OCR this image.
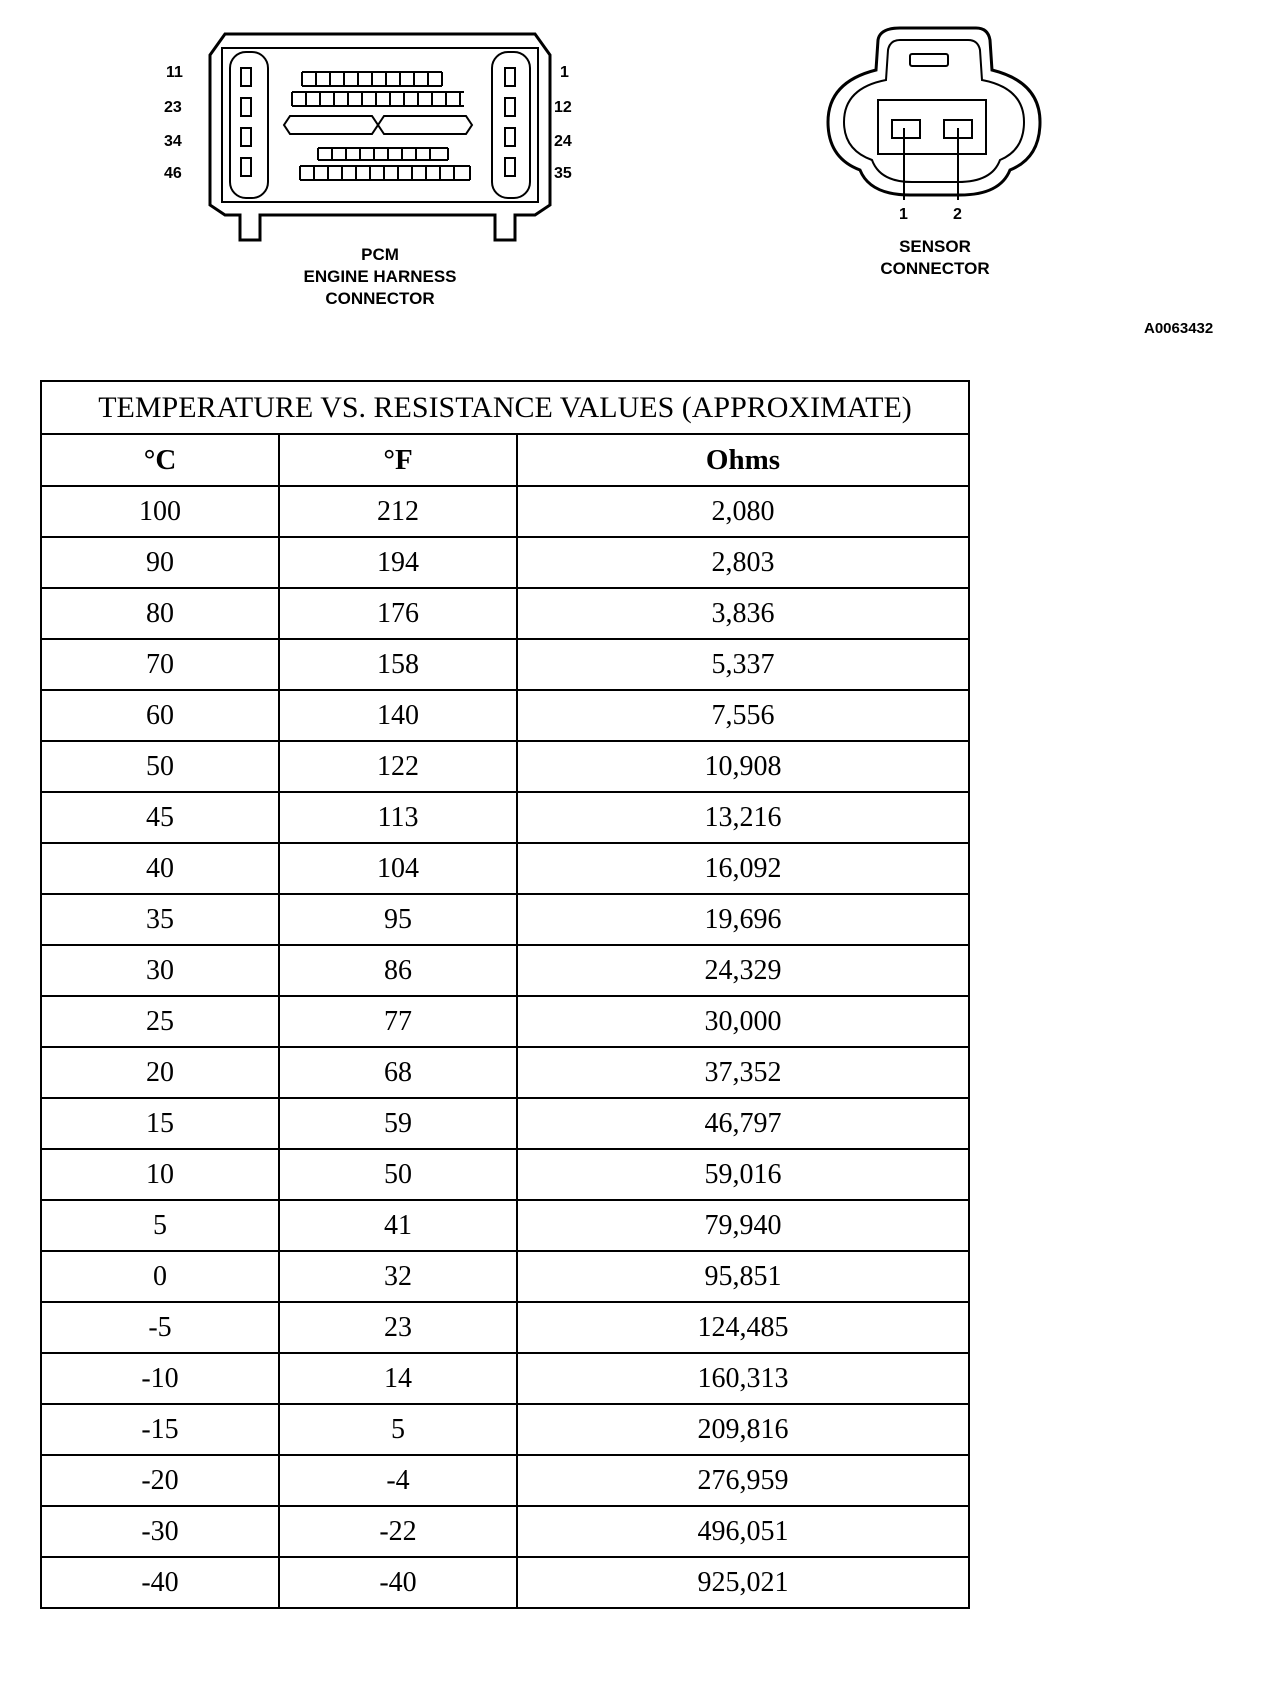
11
23
34
46
1
12
24
35
PCM
ENGINE HARNESS
CONNECTOR
1	2
SENSOR
CONNECTOR
A0063432
TEMPERATURE VS. RESISTANCE VALUES (APPROXIMATE)		
°C	°F	Ohms
100	212	2,080
90	194	2,803
80	176	3,836
70	158	5,337
60	140	7,556
50	122	10,908
45	113	13,216
40	104	16,092
35	95	19,696
30	86	24,329
25	77	30,000
20	68	37,352
15	59	46,797
10	50	59,016
5	41	79,940
0	32	95,851
-5	23	124,485
-10	14	160,313
-15	5	209,816
-20	-4	276,959
-30	-22	496,051
-40	-40	925,021
